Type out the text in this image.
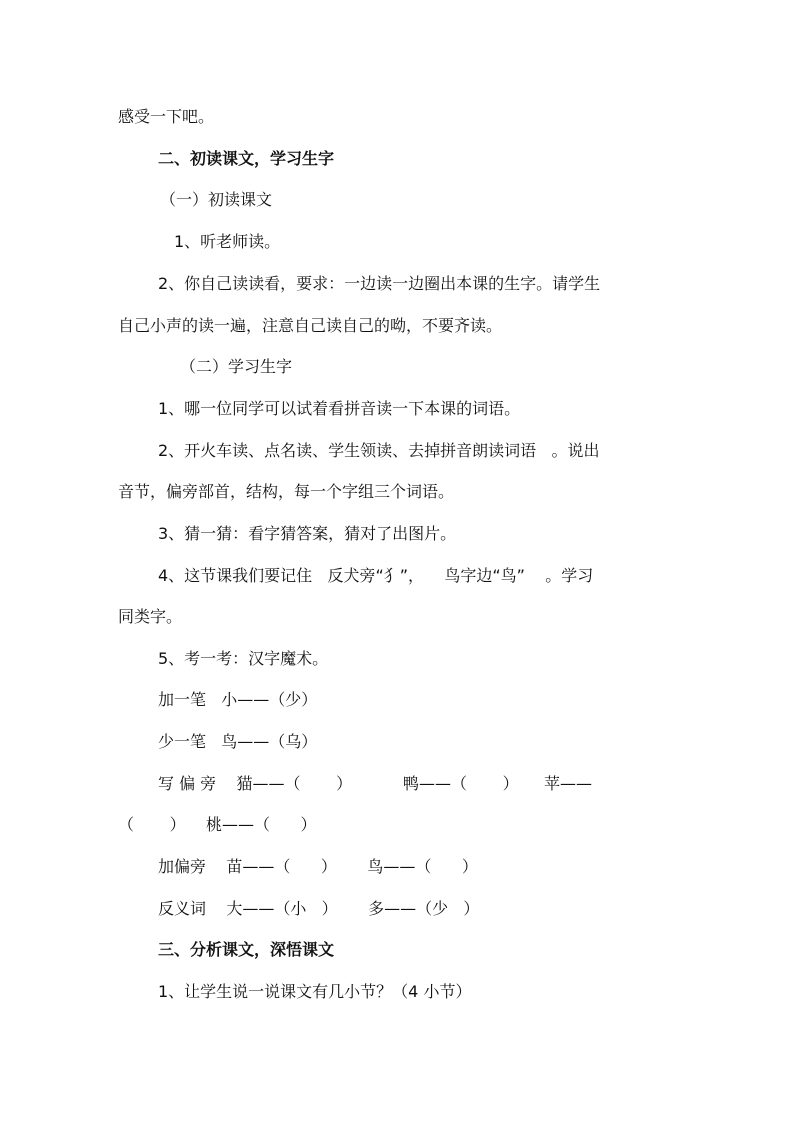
感受一下吧。
二、初读课文，学习生字
（一）初读课文
1、听老师读。
2、你自己读读看，要求：一边读一边圈出本课的生字。请学生
自己小声的读一遍，注意自己读自己的呦，不要齐读。
（二）学习生字
1、哪一位同学可以试着看拼音读一下本课的词语。
2、开火车读、点名读、学生领读、去掉拼音朗读词语   。说出
音节，偏旁部首，结构，每一个字组三个词语。
3、猜一猜：看字猜答案，猜对了出图片。
4、这节课我们要记住   反犬旁“犭”，    鸟字边“鸟”    。学习
同类字。
5、考一考：汉字魔术。
加一笔   小——（少）
少一笔   鸟——（乌）
写 偏 旁    猫——（       ）          鸭——（       ）     苹——
（       ）    桃——（      ）
加偏旁    苗——（      ）      鸟——（      ）
反义词    大——（小   ）      多——（少   ）
三、分析课文，深悟课文
1、让学生说一说课文有几小节？（4 小节）
